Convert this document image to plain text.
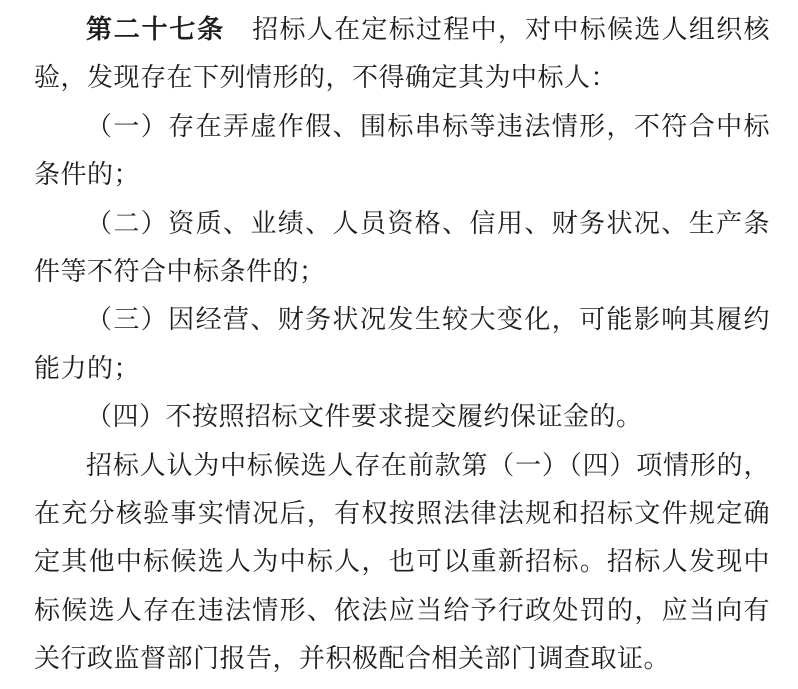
第二十七条 招标人在定标过程中，对中标候选人组织核验，发现存在下列情形的，不得确定其为中标人：

（一）存在弄虚作假、围标串标等违法情形，不符合中标条件的；

（二）资质、业绩、人员资格、信用、财务状况、生产条件等不符合中标条件的；

（三）因经营、财务状况发生较大变化，可能影响其履约能力的；

（四）不按照招标文件要求提交履约保证金的。

招标人认为中标候选人存在前款第（一）（四）项情形的，在充分核验事实情况后，有权按照法律法规和招标文件规定确定其他中标候选人为中标人，也可以重新招标。招标人发现中标候选人存在违法情形、依法应当给予行政处罚的，应当向有关行政监督部门报告，并积极配合相关部门调查取证。
